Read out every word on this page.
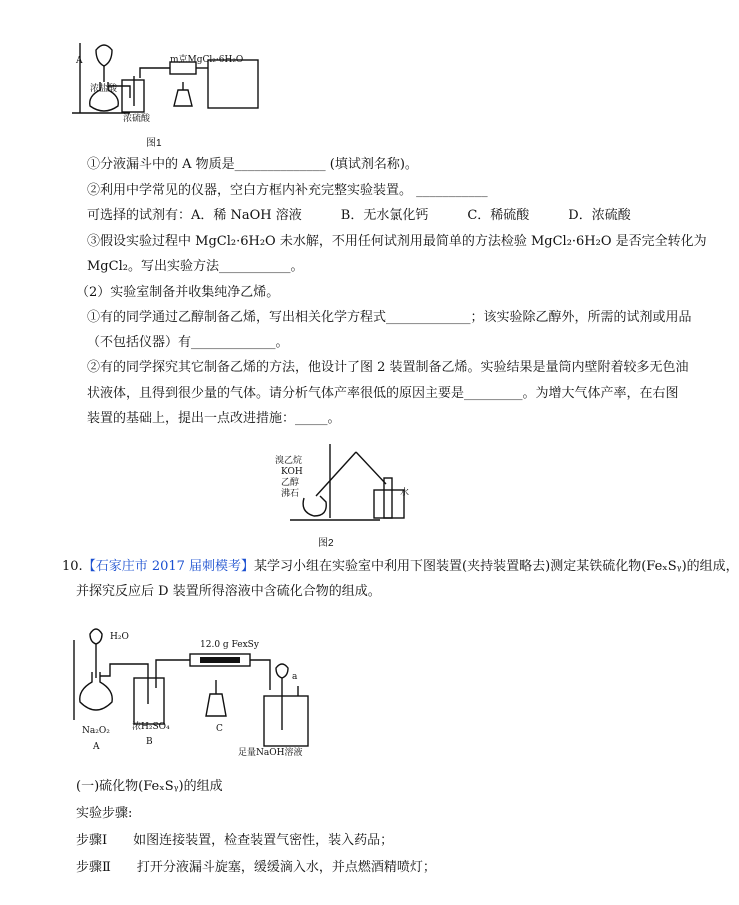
A
浓盐酸
m克MgCl₂·6H₂O
浓硫酸
图1
①分液漏斗中的 A 物质是______________ (填试剂名称)。
②利用中学常见的仪器，空白方框内补充完整实验装置。 ___________
可选择的试剂有：A．稀 NaOH 溶液　　　B．无水氯化钙　　　C．稀硫酸　　　D．浓硫酸
③假设实验过程中 MgCl₂·6H₂O 未水解，不用任何试剂用最简单的方法检验 MgCl₂·6H₂O 是否完全转化为
MgCl₂。写出实验方法___________。
（2）实验室制备并收集纯净乙烯。
①有的同学通过乙醇制备乙烯，写出相关化学方程式_____________；该实验除乙醇外，所需的试剂或用品
（不包括仪器）有_____________。
②有的同学探究其它制备乙烯的方法，他设计了图 2 装置制备乙烯。实验结果是量筒内壁附着较多无色油
状液体，且得到很少量的气体。请分析气体产率很低的原因主要是_________。为增大气体产率，在右图
装置的基础上，提出一点改进措施：_____。
溴乙烷
KOH
乙醇
沸石	水
图2
10.【石家庄市 2017 届刺模考】某学习小组在实验室中利用下图装置(夹持装置略去)测定某铁硫化物(FeₓSᵧ)的组成，
并探究反应后 D 装置所得溶液中含硫化合物的组成。
H₂O
Na₂O₂ 浓H₂SO₄
12.0 g FexSy
足量NaOH溶液
a
A	B
C
(一)硫化物(FeₓSᵧ)的组成
实验步骤:
步骤Ⅰ　　如图连接装置，检查装置气密性，装入药品；
步骤Ⅱ　　打开分液漏斗旋塞，缓缓滴入水，并点燃酒精喷灯；
